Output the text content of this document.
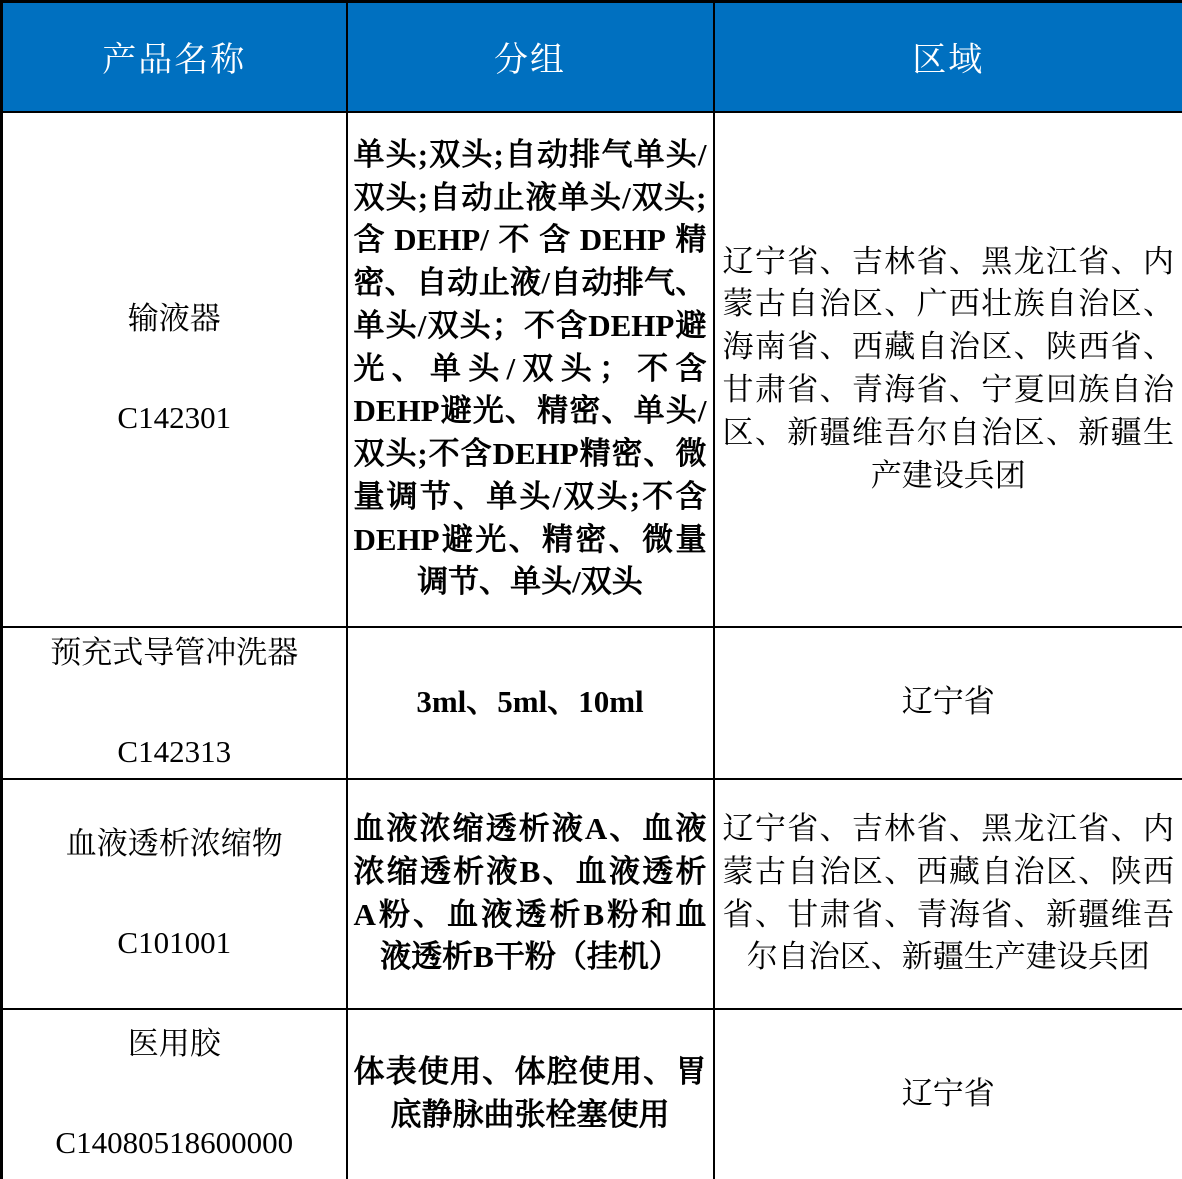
产品名称	分组	区域

输液器
C142301	单头;双头;自动排气单头/双头;自动止液单头/双头;含DEHP/不含DEHP精密、自动止液/自动排气、单头/双头；不含DEHP避光、单头/双头；不含DEHP避光、精密、单头/双头;不含DEHP精密、微量调节、单头/双头;不含DEHP避光、精密、微量调节、单头/双头	辽宁省、吉林省、黑龙江省、内蒙古自治区、广西壮族自治区、海南省、西藏自治区、陕西省、甘肃省、青海省、宁夏回族自治区、新疆维吾尔自治区、新疆生产建设兵团

预充式导管冲洗器
C142313	3ml、5ml、10ml	辽宁省

血液透析浓缩物
C101001	血液浓缩透析液A、血液浓缩透析液B、血液透析A粉、血液透析B粉和血液透析B干粉（挂机）	辽宁省、吉林省、黑龙江省、内蒙古自治区、西藏自治区、陕西省、甘肃省、青海省、新疆维吾尔自治区、新疆生产建设兵团

医用胶
C14080518600000	体表使用、体腔使用、胃底静脉曲张栓塞使用	辽宁省
